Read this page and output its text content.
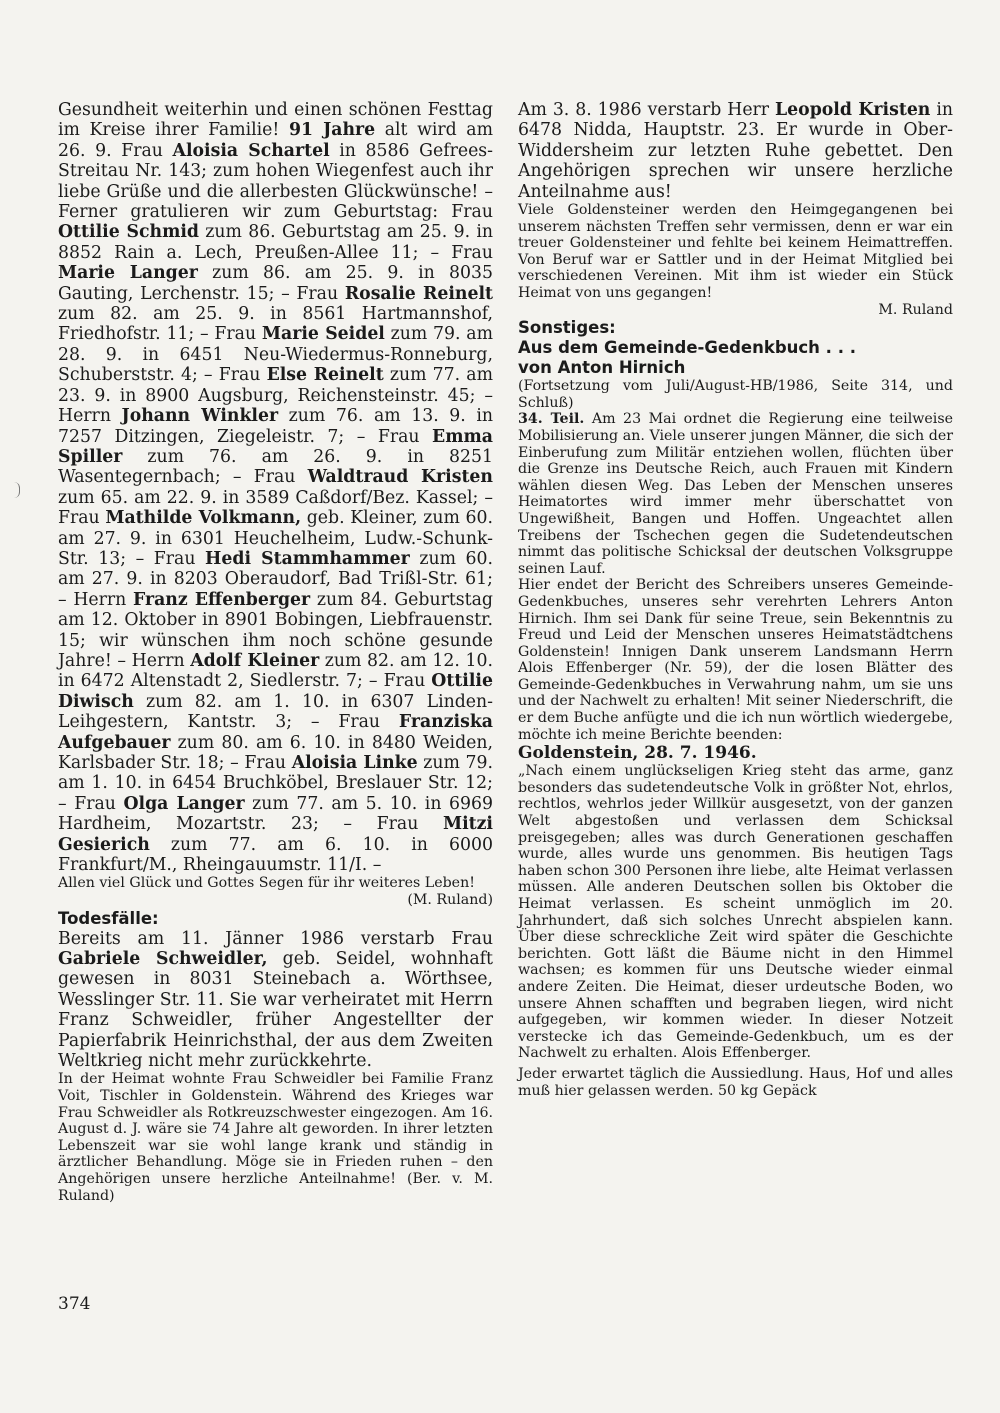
Gesundheit weiterhin und einen schönen Festtag im Kreise ihrer Familie! 91 Jahre alt wird am 26. 9. Frau Aloisia Schartel in 8586 Gefrees-Streitau Nr. 143; zum hohen Wiegenfest auch ihr liebe Grüße und die allerbesten Glückwünsche! – Ferner gratulieren wir zum Geburtstag: Frau Ottilie Schmid zum 86. Geburtstag am 25. 9. in 8852 Rain a. Lech, Preußen-Allee 11; – Frau Marie Langer zum 86. am 25. 9. in 8035 Gauting, Lerchenstr. 15; – Frau Rosalie Reinelt zum 82. am 25. 9. in 8561 Hartmannshof, Friedhofstr. 11; – Frau Marie Seidel zum 79. am 28. 9. in 6451 Neu-Wiedermus-Ronneburg, Schuberststr. 4; – Frau Else Reinelt zum 77. am 23. 9. in 8900 Augsburg, Reichensteinstr. 45; – Herrn Johann Winkler zum 76. am 13. 9. in 7257 Ditzingen, Ziegeleistr. 7; – Frau Emma Spiller zum 76. am 26. 9. in 8251 Wasentegernbach; – Frau Waldtraud Kristen zum 65. am 22. 9. in 3589 Caßdorf/Bez. Kassel; – Frau Mathilde Volkmann, geb. Kleiner, zum 60. am 27. 9. in 6301 Heuchelheim, Ludw.-Schunk-Str. 13; – Frau Hedi Stammhammer zum 60. am 27. 9. in 8203 Oberaudorf, Bad Trißl-Str. 61; – Herrn Franz Effenberger zum 84. Geburtstag am 12. Oktober in 8901 Bobingen, Liebfrauenstr. 15; wir wünschen ihm noch schöne gesunde Jahre! – Herrn Adolf Kleiner zum 82. am 12. 10. in 6472 Altenstadt 2, Siedlerstr. 7; – Frau Ottilie Diwisch zum 82. am 1. 10. in 6307 Linden-Leihgestern, Kantstr. 3; – Frau Franziska Aufgebauer zum 80. am 6. 10. in 8480 Weiden, Karlsbader Str. 18; – Frau Aloisia Linke zum 79. am 1. 10. in 6454 Bruchköbel, Breslauer Str. 12; – Frau Olga Langer zum 77. am 5. 10. in 6969 Hardheim, Mozartstr. 23; – Frau Mitzi Gesierich zum 77. am 6. 10. in 6000 Frankfurt/M., Rheingauumstr. 11/I. –

Allen viel Glück und Gottes Segen für ihr weiteres Leben!

(M. Ruland)
Todesfälle:

Bereits am 11. Jänner 1986 verstarb Frau Gabriele Schweidler, geb. Seidel, wohnhaft gewesen in 8031 Steinebach a. Wörthsee, Wesslinger Str. 11. Sie war verheiratet mit Herrn Franz Schweidler, früher Angestellter der Papierfabrik Heinrichsthal, der aus dem Zweiten Weltkrieg nicht mehr zurückkehrte.

In der Heimat wohnte Frau Schweidler bei Familie Franz Voit, Tischler in Goldenstein. Während des Krieges war Frau Schweidler als Rotkreuzschwester eingezogen. Am 16. August d. J. wäre sie 74 Jahre alt geworden. In ihrer letzten Lebenszeit war sie wohl lange krank und ständig in ärztlicher Behandlung. Möge sie in Frieden ruhen – den Angehörigen unsere herzliche Anteilnahme! (Ber. v. M. Ruland)

Am 3. 8. 1986 verstarb Herr Leopold Kristen in 6478 Nidda, Hauptstr. 23. Er wurde in Ober-Widdersheim zur letzten Ruhe gebettet. Den Angehörigen sprechen wir unsere herzliche Anteilnahme aus!

Viele Goldensteiner werden den Heimgegangenen bei unserem nächsten Treffen sehr vermissen, denn er war ein treuer Goldensteiner und fehlte bei keinem Heimattreffen. Von Beruf war er Sattler und in der Heimat Mitglied bei verschiedenen Vereinen. Mit ihm ist wieder ein Stück Heimat von uns gegangen!

M. Ruland
Sonstiges:
Aus dem Gemeinde-Gedenkbuch . . .
von Anton Hirnich

(Fortsetzung vom Juli/August-HB/1986, Seite 314, und Schluß)

34. Teil. Am 23 Mai ordnet die Regierung eine teilweise Mobilisierung an. Viele unserer jungen Männer, die sich der Einberufung zum Militär entziehen wollen, flüchten über die Grenze ins Deutsche Reich, auch Frauen mit Kindern wählen diesen Weg. Das Leben der Menschen unseres Heimatortes wird immer mehr überschattet von Ungewißheit, Bangen und Hoffen. Ungeachtet allen Treibens der Tschechen gegen die Sudetendeutschen nimmt das politische Schicksal der deutschen Volksgruppe seinen Lauf.

Hier endet der Bericht des Schreibers unseres Gemeinde-Gedenkbuches, unseres sehr verehrten Lehrers Anton Hirnich. Ihm sei Dank für seine Treue, sein Bekenntnis zu Freud und Leid der Menschen unseres Heimatstädtchens Goldenstein! Innigen Dank unserem Landsmann Herrn Alois Effenberger (Nr. 59), der die losen Blätter des Gemeinde-Gedenkbuches in Verwahrung nahm, um sie uns und der Nachwelt zu erhalten! Mit seiner Niederschrift, die er dem Buche anfügte und die ich nun wörtlich wiedergebe, möchte ich meine Berichte beenden:

Goldenstein, 28. 7. 1946.

„Nach einem unglückseligen Krieg steht das arme, ganz besonders das sudetendeutsche Volk in größter Not, ehrlos, rechtlos, wehrlos jeder Willkür ausgesetzt, von der ganzen Welt abgestoßen und verlassen dem Schicksal preisgegeben; alles was durch Generationen geschaffen wurde, alles wurde uns genommen. Bis heutigen Tags haben schon 300 Personen ihre liebe, alte Heimat verlassen müssen. Alle anderen Deutschen sollen bis Oktober die Heimat verlassen. Es scheint unmöglich im 20. Jahrhundert, daß sich solches Unrecht abspielen kann. Über diese schreckliche Zeit wird später die Geschichte berichten. Gott läßt die Bäume nicht in den Himmel wachsen; es kommen für uns Deutsche wieder einmal andere Zeiten. Die Heimat, dieser urdeutsche Boden, wo unsere Ahnen schafften und begraben liegen, wird nicht aufgegeben, wir kommen wieder. In dieser Notzeit verstecke ich das Gemeinde-Gedenkbuch, um es der Nachwelt zu erhalten. Alois Effenberger.

Jeder erwartet täglich die Aussiedlung. Haus, Hof und alles muß hier gelassen werden. 50 kg Gepäck

374
